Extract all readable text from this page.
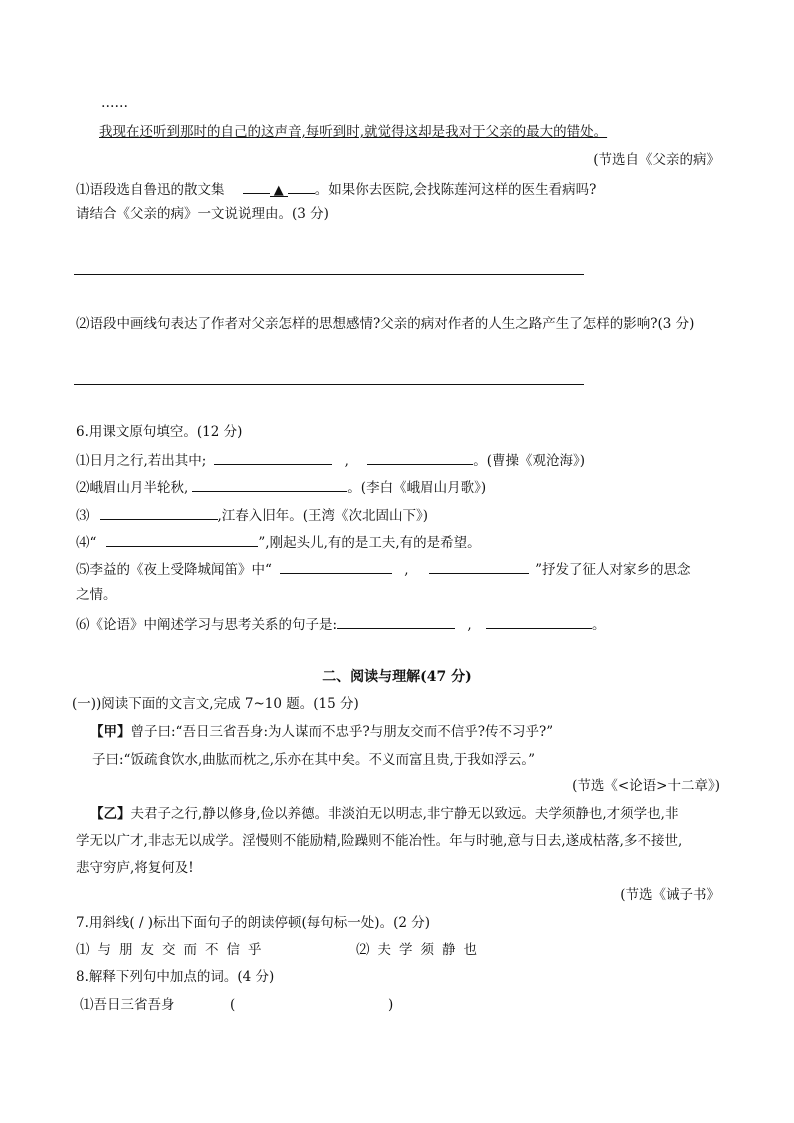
……
我现在还听到那时的自己的这声音,每听到时,就觉得这却是我对于父亲的最大的错处。
(节选自《父亲的病》
⑴语段选自鲁迅的散文集	▲ 。如果你去医院,会找陈莲河这样的医生看病吗?
请结合《父亲的病》一文说说理由。(3 分)
⑵语段中画线句表达了作者对父亲怎样的思想感情?父亲的病对作者的人生之路产生了怎样的影响?(3 分)
6.用课文原句填空。(12 分)
⑴日月之行,若出其中;	,	。(曹操《观沧海》)
⑵峨眉山月半轮秋,	。(李白《峨眉山月歌》)
⑶	,江春入旧年。(王湾《次北固山下》)
⑷“	”,刚起头儿,有的是工夫,有的是希望。
⑸李益的《夜上受降城闻笛》中“	,	”抒发了征人对家乡的思念
之情。
⑹《论语》中阐述学习与思考关系的句子是:	,	。
二、阅读与理解(47 分)
(一))阅读下面的文言文,完成 7~10 题。(15 分)
【甲】曾子曰:“吾日三省吾身:为人谋而不忠乎?与朋友交而不信乎?传不习乎?”
子曰:“饭疏食饮水,曲肱而枕之,乐亦在其中矣。不义而富且贵,于我如浮云。”
(节选《<论语>十二章》)
【乙】夫君子之行,静以修身,俭以养德。非淡泊无以明志,非宁静无以致远。夫学须静也,才须学也,非
学无以广才,非志无以成学。淫慢则不能励精,险躁则不能冶性。年与时驰,意与日去,遂成枯落,多不接世,
悲守穷庐,将复何及!
(节选《诫子书》
7.用斜线( / )标出下面句子的朗读停顿(每句标一处)。(2 分)
⑴与朋友交而不信乎	⑵夫学须静也
8.解释下列句中加点的词。(4 分)
⑴吾日三省吾身	(	)
